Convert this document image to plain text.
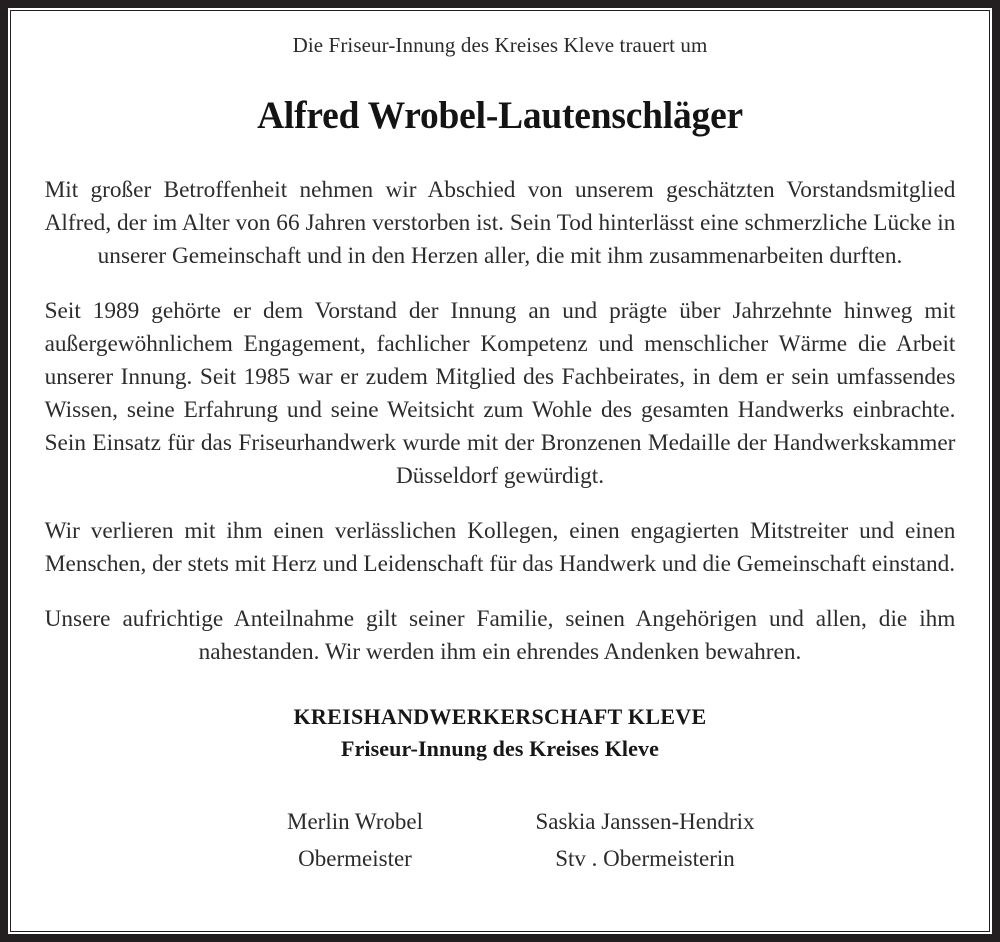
Die Friseur-Innung des Kreises Kleve trauert um
Alfred Wrobel-Lautenschläger

Mit großer Betroffenheit nehmen wir Abschied von unserem geschätzten Vorstandsmitglied Alfred, der im Alter von 66 Jahren verstorben ist. Sein Tod hinterlässt eine schmerzliche Lücke in unserer Gemeinschaft und in den Herzen aller, die mit ihm zusammenarbeiten durften.

Seit 1989 gehörte er dem Vorstand der Innung an und prägte über Jahrzehnte hinweg mit außergewöhnlichem Engagement, fachlicher Kompetenz und menschlicher Wärme die Arbeit unserer Innung. Seit 1985 war er zudem Mitglied des Fachbeirates, in dem er sein umfassendes Wissen, seine Erfahrung und seine Weitsicht zum Wohle des gesamten Handwerks einbrachte. Sein Einsatz für das Friseurhandwerk wurde mit der Bronzenen Medaille der Handwerkskammer Düsseldorf gewürdigt.

Wir verlieren mit ihm einen verlässlichen Kollegen, einen engagierten Mitstreiter und einen Menschen, der stets mit Herz und Leidenschaft für das Handwerk und die Gemeinschaft einstand.

Unsere aufrichtige Anteilnahme gilt seiner Familie, seinen Angehörigen und allen, die ihm nahestanden. Wir werden ihm ein ehrendes Andenken bewahren.

KREISHANDWERKERSCHAFT KLEVE
Friseur-Innung des Kreises Kleve
Merlin Wrobel
Obermeister
Saskia Janssen-Hendrix
Stv . Obermeisterin
